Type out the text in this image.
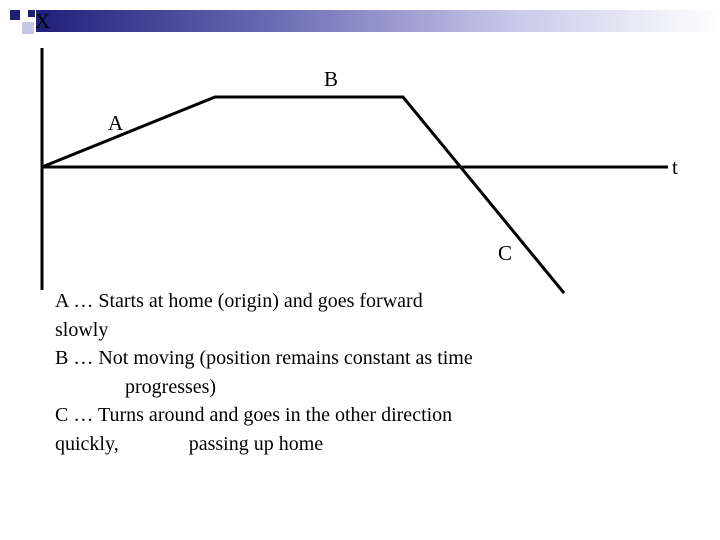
X
t
A
B
C
A … Starts at home (origin) and goes forward
slowly
B … Not moving (position remains constant as time
progresses)
C … Turns around and goes in the other direction
quickly,	passing up home
